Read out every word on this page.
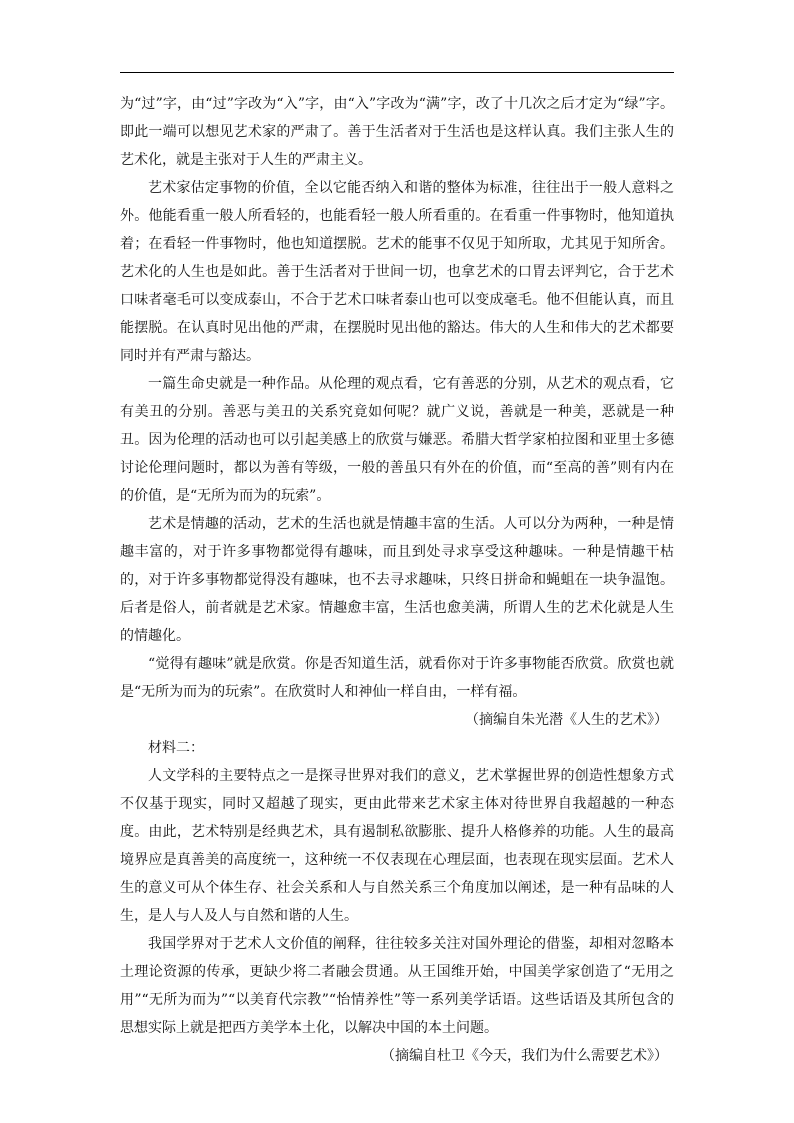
为“过”字，由“过”字改为“入”字，由“入”字改为“满”字，改了十几次之后才定为“绿”字。即此一端可以想见艺术家的严肃了。善于生活者对于生活也是这样认真。我们主张人生的艺术化，就是主张对于人生的严肃主义。

艺术家估定事物的价值，全以它能否纳入和谐的整体为标准，往往出于一般人意料之外。他能看重一般人所看轻的，也能看轻一般人所看重的。在看重一件事物时，他知道执着；在看轻一件事物时，他也知道摆脱。艺术的能事不仅见于知所取，尤其见于知所舍。艺术化的人生也是如此。善于生活者对于世间一切，也拿艺术的口胃去评判它，合于艺术口味者毫毛可以变成泰山，不合于艺术口味者泰山也可以变成毫毛。他不但能认真，而且能摆脱。在认真时见出他的严肃，在摆脱时见出他的豁达。伟大的人生和伟大的艺术都要同时并有严肃与豁达。

一篇生命史就是一种作品。从伦理的观点看，它有善恶的分别，从艺术的观点看，它有美丑的分别。善恶与美丑的关系究竟如何呢？就广义说，善就是一种美，恶就是一种丑。因为伦理的活动也可以引起美感上的欣赏与嫌恶。希腊大哲学家柏拉图和亚里士多德讨论伦理问题时，都以为善有等级，一般的善虽只有外在的价值，而“至高的善”则有内在的价值，是“无所为而为的玩索”。

艺术是情趣的活动，艺术的生活也就是情趣丰富的生活。人可以分为两种，一种是情趣丰富的，对于许多事物都觉得有趣味，而且到处寻求享受这种趣味。一种是情趣干枯的，对于许多事物都觉得没有趣味，也不去寻求趣味，只终日拼命和蝇蛆在一块争温饱。后者是俗人，前者就是艺术家。情趣愈丰富，生活也愈美满，所谓人生的艺术化就是人生的情趣化。

“觉得有趣味”就是欣赏。你是否知道生活，就看你对于许多事物能否欣赏。欣赏也就是“无所为而为的玩索”。在欣赏时人和神仙一样自由，一样有福。

（摘编自朱光潜《人生的艺术》）

材料二：

人文学科的主要特点之一是探寻世界对我们的意义，艺术掌握世界的创造性想象方式不仅基于现实，同时又超越了现实，更由此带来艺术家主体对待世界自我超越的一种态度。由此，艺术特别是经典艺术，具有遏制私欲膨胀、提升人格修养的功能。人生的最高境界应是真善美的高度统一，这种统一不仅表现在心理层面，也表现在现实层面。艺术人生的意义可从个体生存、社会关系和人与自然关系三个角度加以阐述，是一种有品味的人生，是人与人及人与自然和谐的人生。

我国学界对于艺术人文价值的阐释，往往较多关注对国外理论的借鉴，却相对忽略本土理论资源的传承，更缺少将二者融会贯通。从王国维开始，中国美学家创造了“无用之用”“无所为而为”“以美育代宗教”“怡情养性”等一系列美学话语。这些话语及其所包含的思想实际上就是把西方美学本土化，以解决中国的本土问题。

（摘编自杜卫《今天，我们为什么需要艺术》）
